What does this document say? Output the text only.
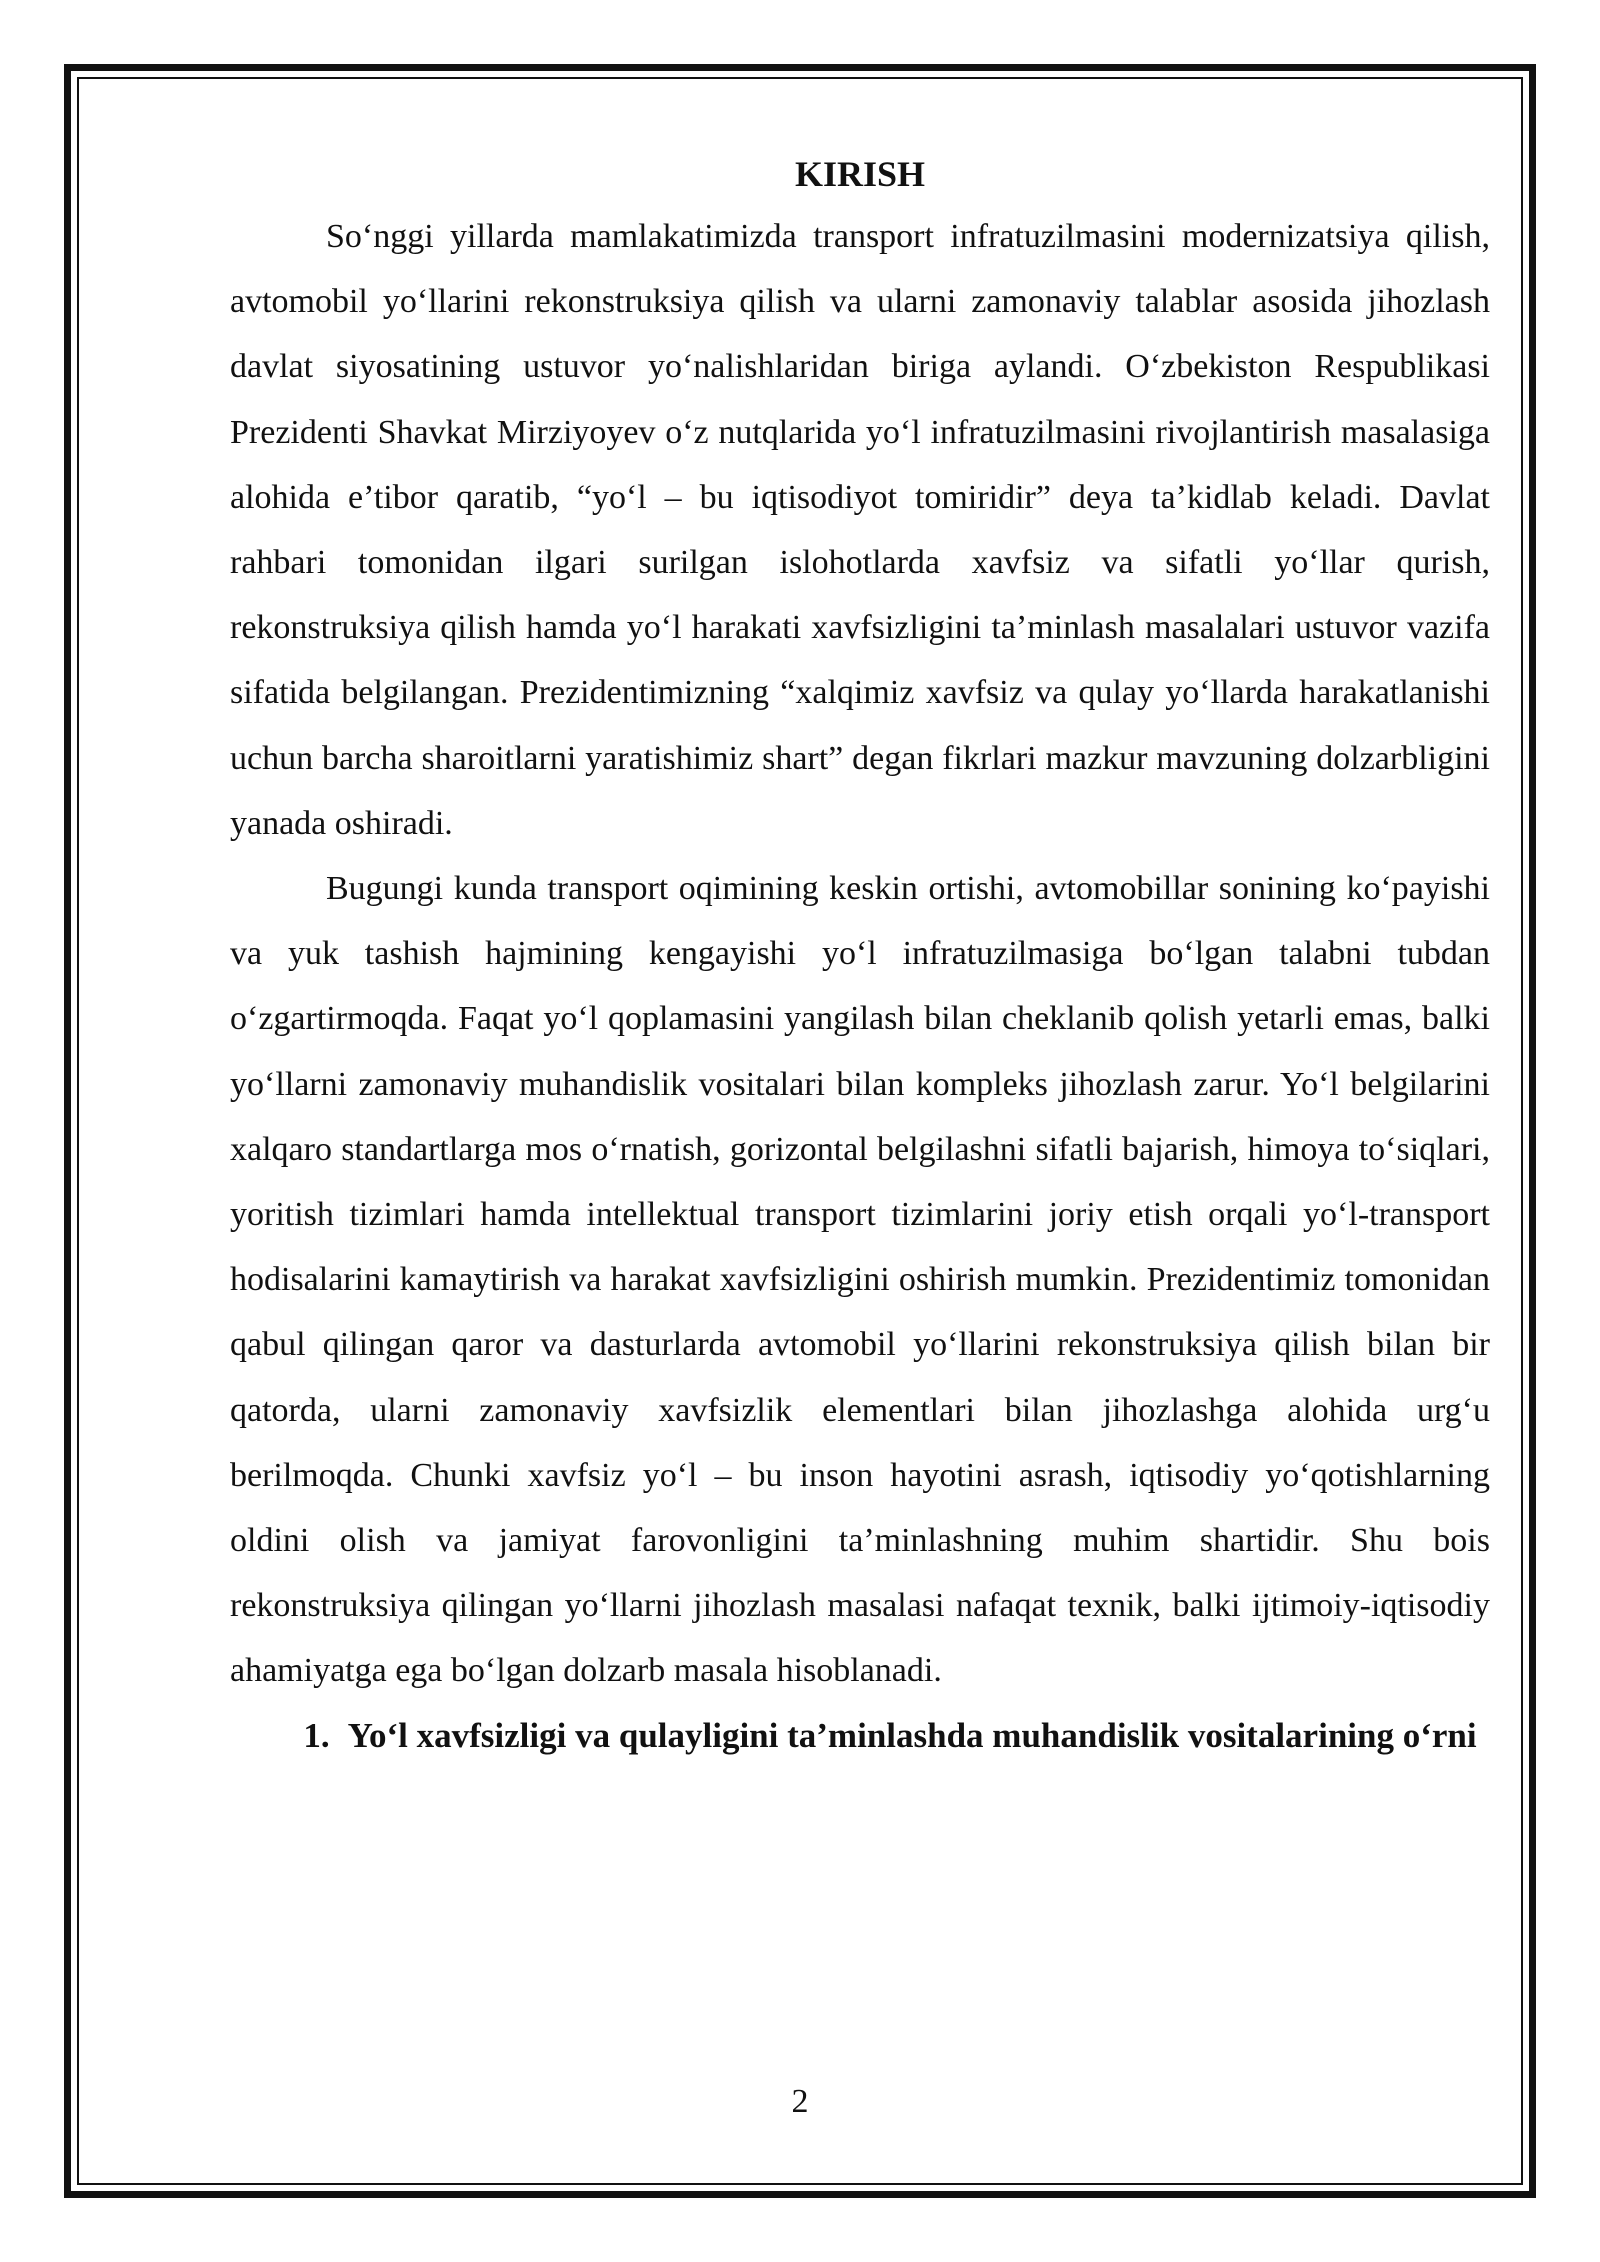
KIRISH

So‘nggi yillarda mamlakatimizda transport infratuzilmasini modernizatsiya qilish, avtomobil yo‘llarini rekonstruksiya qilish va ularni zamonaviy talablar asosida jihozlash davlat siyosatining ustuvor yo‘nalishlaridan biriga aylandi. O‘zbekiston Respublikasi Prezidenti Shavkat Mirziyoyev o‘z nutqlarida yo‘l infratuzilmasini rivojlantirish masalasiga alohida e’tibor qaratib, “yo‘l – bu iqtisodiyot tomiridir” deya ta’kidlab keladi. Davlat rahbari tomonidan ilgari surilgan islohotlarda xavfsiz va sifatli yo‘llar qurish, rekonstruksiya qilish hamda yo‘l harakati xavfsizligini ta’minlash masalalari ustuvor vazifa sifatida belgilangan. Prezidentimizning “xalqimiz xavfsiz va qulay yo‘llarda harakatlanishi uchun barcha sharoitlarni yaratishimiz shart” degan fikrlari mazkur mavzuning dolzarbligini yanada oshiradi.

Bugungi kunda transport oqimining keskin ortishi, avtomobillar sonining ko‘payishi va yuk tashish hajmining kengayishi yo‘l infratuzilmasiga bo‘lgan talabni tubdan o‘zgartirmoqda. Faqat yo‘l qoplamasini yangilash bilan cheklanib qolish yetarli emas, balki yo‘llarni zamonaviy muhandislik vositalari bilan kompleks jihozlash zarur. Yo‘l belgilarini xalqaro standartlarga mos o‘rnatish, gorizontal belgilashni sifatli bajarish, himoya to‘siqlari, yoritish tizimlari hamda intellektual transport tizimlarini joriy etish orqali yo‘l-transport hodisalarini kamaytirish va harakat xavfsizligini oshirish mumkin. Prezidentimiz tomonidan qabul qilingan qaror va dasturlarda avtomobil yo‘llarini rekonstruksiya qilish bilan bir qatorda, ularni zamonaviy xavfsizlik elementlari bilan jihozlashga alohida urg‘u berilmoqda. Chunki xavfsiz yo‘l – bu inson hayotini asrash, iqtisodiy yo‘qotishlarning oldini olish va jamiyat farovonligini ta’minlashning muhim shartidir. Shu bois rekonstruksiya qilingan yo‘llarni jihozlash masalasi nafaqat texnik, balki ijtimoiy-iqtisodiy ahamiyatga ega bo‘lgan dolzarb masala hisoblanadi.

1. Yo‘l xavfsizligi va qulayligini ta’minlashda muhandislik vositalarining o‘rni
2
